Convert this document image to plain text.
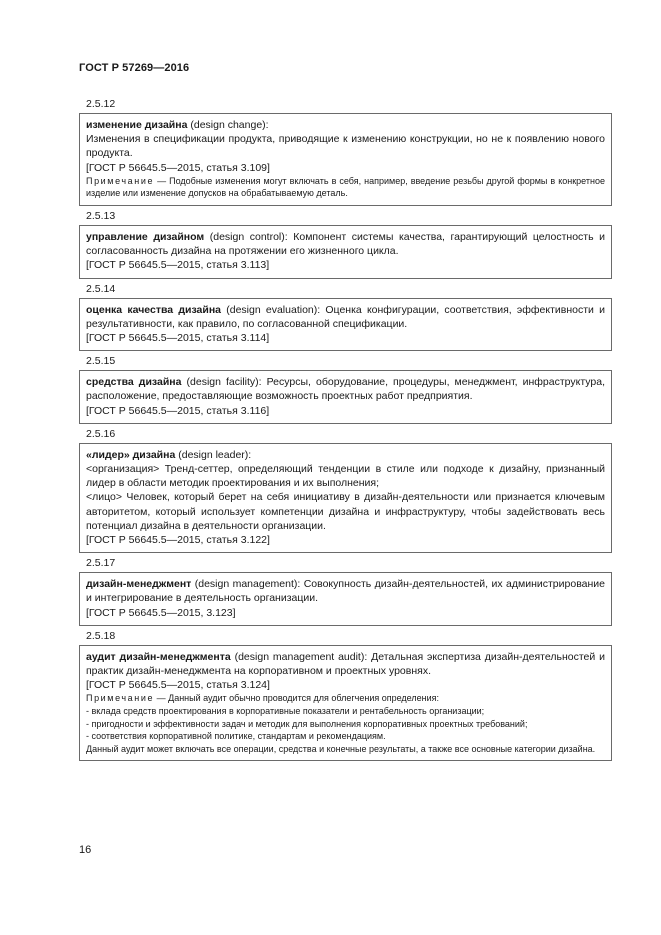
ГОСТ Р 57269—2016
2.5.12

изменение дизайна (design change):

Изменения в спецификации продукта, приводящие к изменению конструкции, но не к появлению нового продукта.

[ГОСТ Р 56645.5—2015, статья 3.109]

Примечание — Подобные изменения могут включать в себя, например, введение резьбы другой формы в конкретное изделие или изменение допусков на обрабатываемую деталь.

2.5.13

управление дизайном (design control): Компонент системы качества, гарантирующий целостность и согласованность дизайна на протяжении его жизненного цикла.

[ГОСТ Р 56645.5—2015, статья 3.113]

2.5.14

оценка качества дизайна (design evaluation): Оценка конфигурации, соответствия, эффективности и результативности, как правило, по согласованной спецификации.

[ГОСТ Р 56645.5—2015, статья 3.114]

2.5.15

средства дизайна (design facility): Ресурсы, оборудование, процедуры, менеджмент, инфраструктура, расположение, предоставляющие возможность проектных работ предприятия.

[ГОСТ Р 56645.5—2015, статья 3.116]

2.5.16

«лидер» дизайна (design leader):

<организация> Тренд-сеттер, определяющий тенденции в стиле или подходе к дизайну, признанный лидер в области методик проектирования и их выполнения;

<лицо> Человек, который берет на себя инициативу в дизайн-деятельности или признается ключевым авторитетом, который использует компетенции дизайна и инфраструктуру, чтобы задействовать весь потенциал дизайна в деятельности организации.

[ГОСТ Р 56645.5—2015, статья 3.122]

2.5.17

дизайн-менеджмент (design management): Совокупность дизайн-деятельностей, их администрирование и интегрирование в деятельность организации.

[ГОСТ Р 56645.5—2015, 3.123]

2.5.18

аудит дизайн-менеджмента (design management audit): Детальная экспертиза дизайн-деятельностей и практик дизайн-менеджмента на корпоративном и проектных уровнях.

[ГОСТ Р 56645.5—2015, статья 3.124]

Примечание — Данный аудит обычно проводится для облегчения определения:

- вклада средств проектирования в корпоративные показатели и рентабельность организации;

- пригодности и эффективности задач и методик для выполнения корпоративных проектных требований;

- соответствия корпоративной политике, стандартам и рекомендациям.

Данный аудит может включать все операции, средства и конечные результаты, а также все основные категории дизайна.

16
